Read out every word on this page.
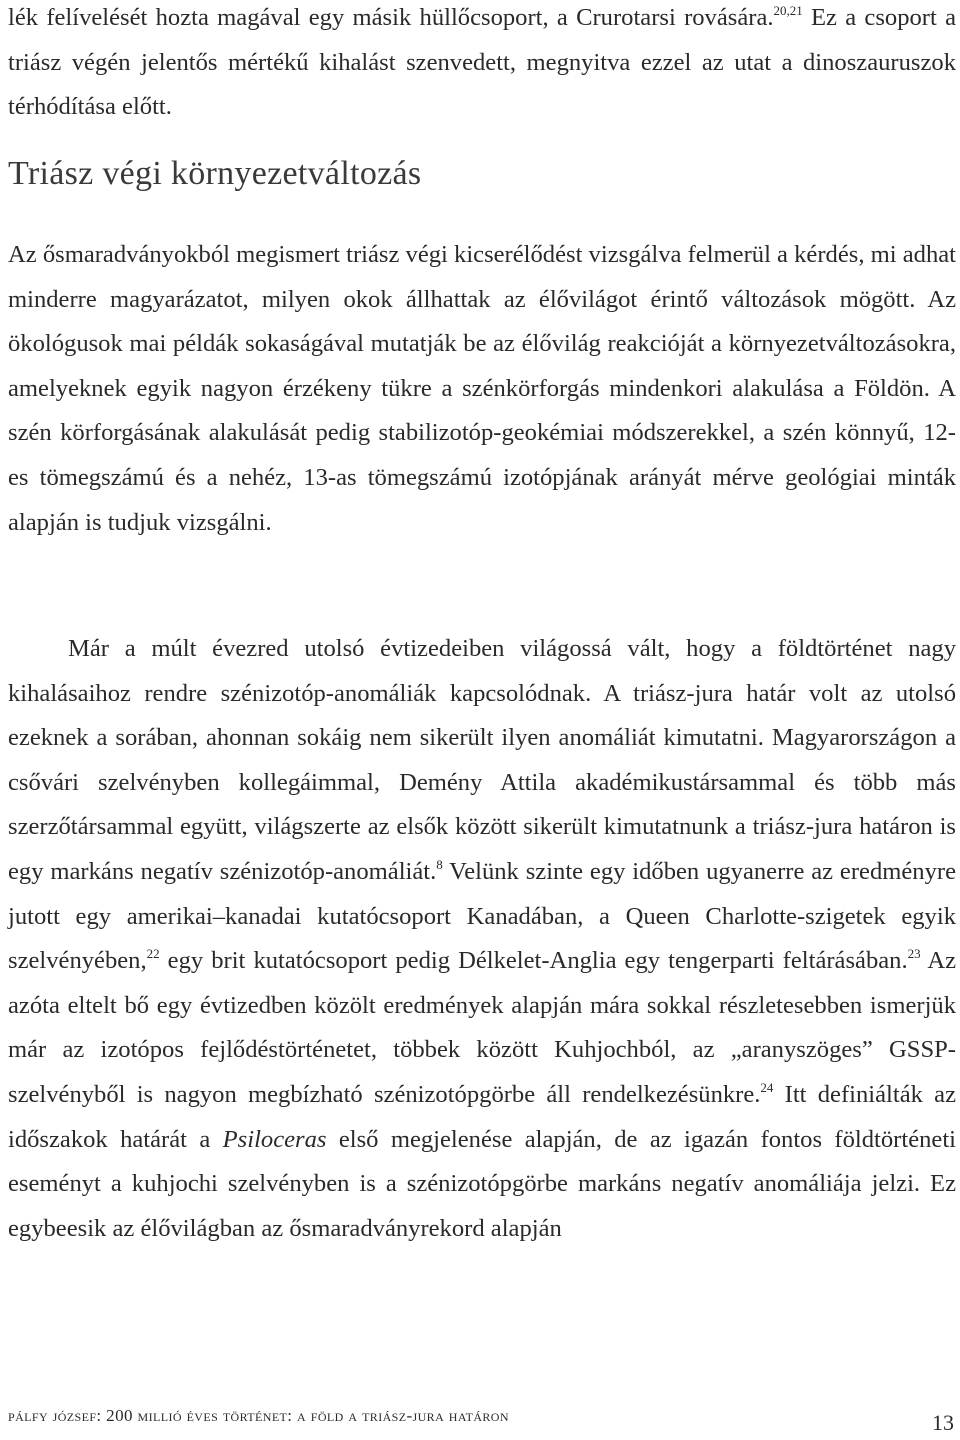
lék felívelését hozta magával egy másik hüllőcsoport, a Crurotarsi rovására.$^{20,21}$ Ez a csoport a triász végén jelentős mértékű kihalást szenvedett, megnyitva ezzel az utat a dinoszauruszok térhódítása előtt.

Triász végi környezetváltozás

Az ősmaradványokból megismert triász végi kicserélődést vizsgálva felmerül a kérdés, mi adhat minderre magyarázatot, milyen okok állhattak az élővilágot érintő változások mögött. Az ökológusok mai példák sokaságával mutatják be az élővilág reakcióját a környezetváltozásokra, amelyeknek egyik nagyon érzékeny tükre a szénkörforgás mindenkori alakulása a Földön. A szén körforgásának alakulását pedig stabilizotóp-geokémiai módszerekkel, a szén könnyű, 12-es tömegszámú és a nehéz, 13-as tömegszámú izotópjának arányát mérve geológiai minták alapján is tudjuk vizsgálni.

Már a múlt évezred utolsó évtizedeiben világossá vált, hogy a földtörténet nagy kihalásaihoz rendre szénizotóp-anomáliák kapcsolódnak. A triász-jura határ volt az utolsó ezeknek a sorában, ahonnan sokáig nem sikerült ilyen anomáliát kimutatni. Magyarországon a csővári szelvényben kollegáimmal, Demény Attila akadémikustársammal és több más szerzőtársammal együtt, világszerte az elsők között sikerült kimutatnunk a triász-jura határon is egy markáns negatív szénizotóp-anomáliát.$^8$ Velünk szinte egy időben ugyanerre az eredményre jutott egy amerikai–kanadai kutatócsoport Kanadában, a Queen Charlotte-szigetek egyik szelvényében,$^{22}$ egy brit kutatócsoport pedig Délkelet-Anglia egy tengerparti feltárásában.$^{23}$ Az azóta eltelt bő egy évtizedben közölt eredmények alapján mára sokkal részletesebben ismerjük már az izotópos fejlődéstörténetet, többek között Kuhjochból, az „aranyszöges” GSSP-szelvényből is nagyon megbízható szénizotópgörbe áll rendelkezésünkre.$^{24}$ Itt definiálták az időszakok határát a Psiloceras első megjelenése alapján, de az igazán fontos földtörténeti eseményt a kuhjochi szelvényben is a szénizotópgörbe markáns negatív anomáliája jelzi. Ez egybeesik az élővilágban az ősmaradványrekord alapján

pálfy józsef: 200 millió éves történet: a föld a triász-jura határon	13
